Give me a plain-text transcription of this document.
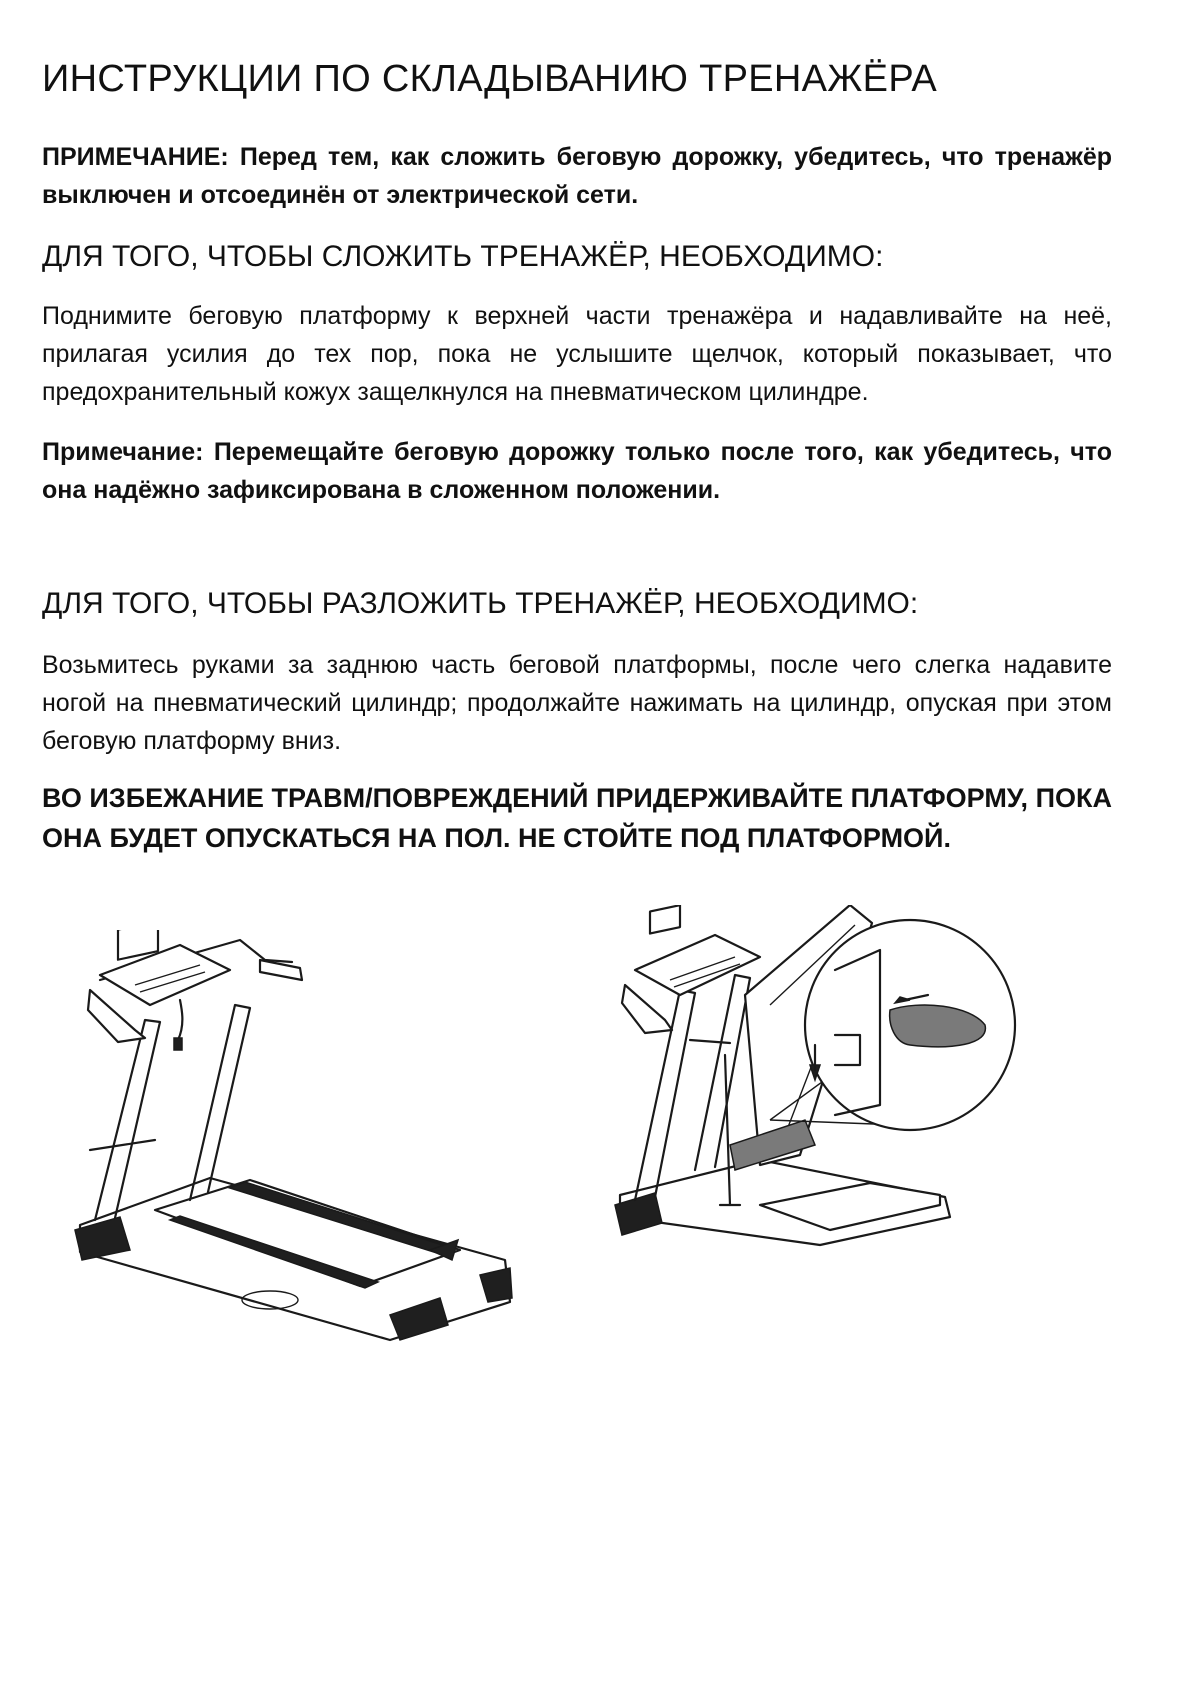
ИНСТРУКЦИИ ПО СКЛАДЫВАНИЮ ТРЕНАЖЁРА

ПРИМЕЧАНИЕ: Перед тем, как сложить беговую дорожку, убедитесь, что тренажёр выключен и отсоединён от электрической сети.

ДЛЯ ТОГО, ЧТОБЫ СЛОЖИТЬ ТРЕНАЖЁР, НЕОБХОДИМО:

Поднимите беговую платформу к верхней части тренажёра и надавливайте на неё, прилагая усилия до тех пор, пока не услышите щелчок, который показывает, что предохранительный кожух защелкнулся на пневматическом цилиндре.

Примечание: Перемещайте беговую дорожку только после того, как убедитесь, что она надёжно зафиксирована в сложенном положении.

ДЛЯ ТОГО, ЧТОБЫ РАЗЛОЖИТЬ ТРЕНАЖЁР, НЕОБХОДИМО:

Возьмитесь руками за заднюю часть беговой платформы, после чего слегка надавите ногой на пневматический цилиндр; продолжайте нажимать на цилиндр, опуская при этом беговую платформу вниз.

ВО ИЗБЕЖАНИЕ ТРАВМ/ПОВРЕЖДЕНИЙ ПРИДЕРЖИВАЙТЕ ПЛАТФОРМУ, ПОКА ОНА БУДЕТ ОПУСКАТЬСЯ НА ПОЛ. НЕ СТОЙТЕ ПОД ПЛАТФОРМОЙ.
